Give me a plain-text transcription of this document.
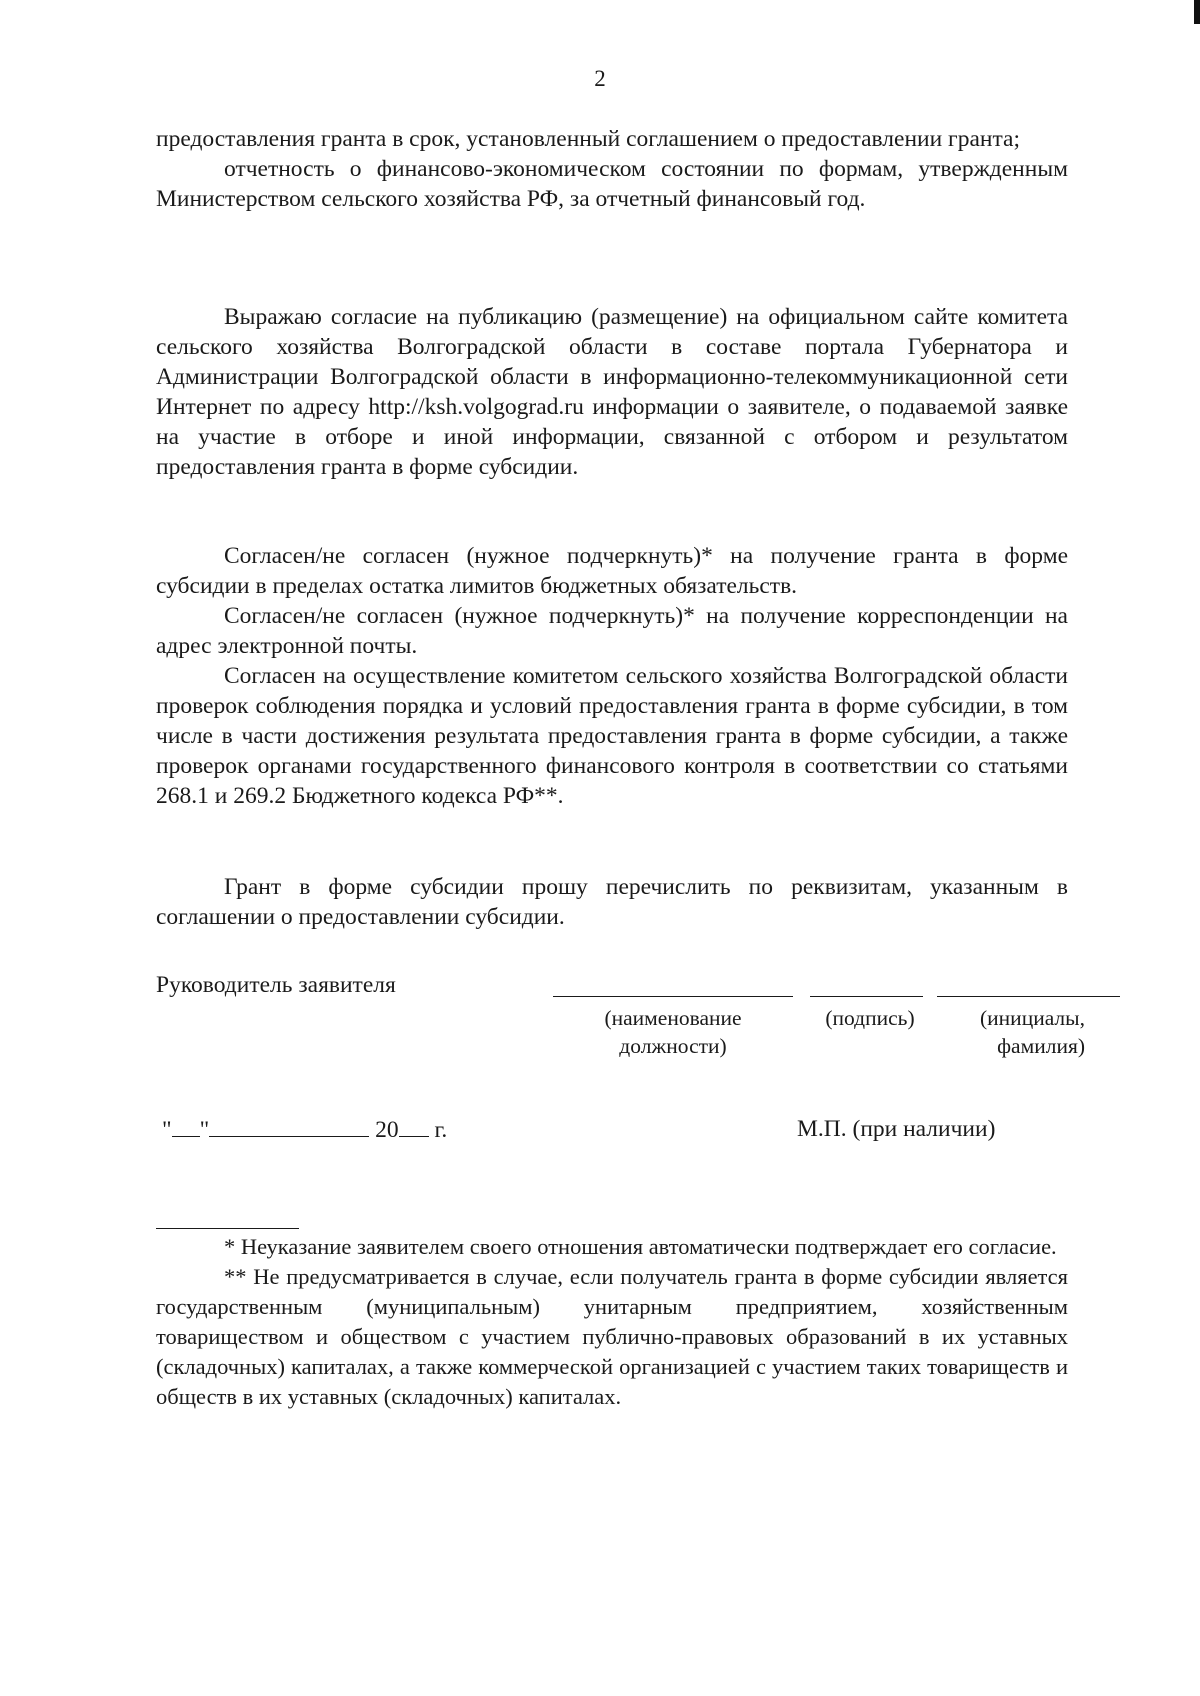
2

предоставления гранта в срок, установленный соглашением о предоставлении гранта;

отчетность о финансово-экономическом состоянии по формам, утвержденным Министерством сельского хозяйства РФ, за отчетный финансовый год.

Выражаю согласие на публикацию (размещение) на официальном сайте комитета сельского хозяйства Волгоградской области в составе портала Губернатора и Администрации Волгоградской области в информационно-телекоммуникационной сети Интернет по адресу http://ksh.volgograd.ru информации о заявителе, о подаваемой заявке на участие в отборе и иной информации, связанной с отбором и результатом предоставления гранта в форме субсидии.

Согласен/не согласен (нужное подчеркнуть)* на получение гранта в форме субсидии в пределах остатка лимитов бюджетных обязательств.

Согласен/не согласен (нужное подчеркнуть)* на получение корреспонденции на адрес электронной почты.

Согласен на осуществление комитетом сельского хозяйства Волгоградской области проверок соблюдения порядка и условий предоставления гранта в форме субсидии, в том числе в части достижения результата предоставления гранта в форме субсидии, а также проверок органами государственного финансового контроля в соответствии со статьями 268.1 и 269.2 Бюджетного кодекса РФ**.

Грант в форме субсидии прошу перечислить по реквизитам, указанным в соглашении о предоставлении субсидии.

Руководитель заявителя
(наименование
должности)
(подпись)	(инициалы,
фамилия)
" "	20 г.	М.П. (при наличии)

* Неуказание заявителем своего отношения автоматически подтверждает его согласие.

** Не предусматривается в случае, если получатель гранта в форме субсидии является государственным (муниципальным) унитарным предприятием, хозяйственным товариществом и обществом с участием публично-правовых образований в их уставных (складочных) капиталах, а также коммерческой организацией с участием таких товариществ и обществ в их уставных (складочных) капиталах.
